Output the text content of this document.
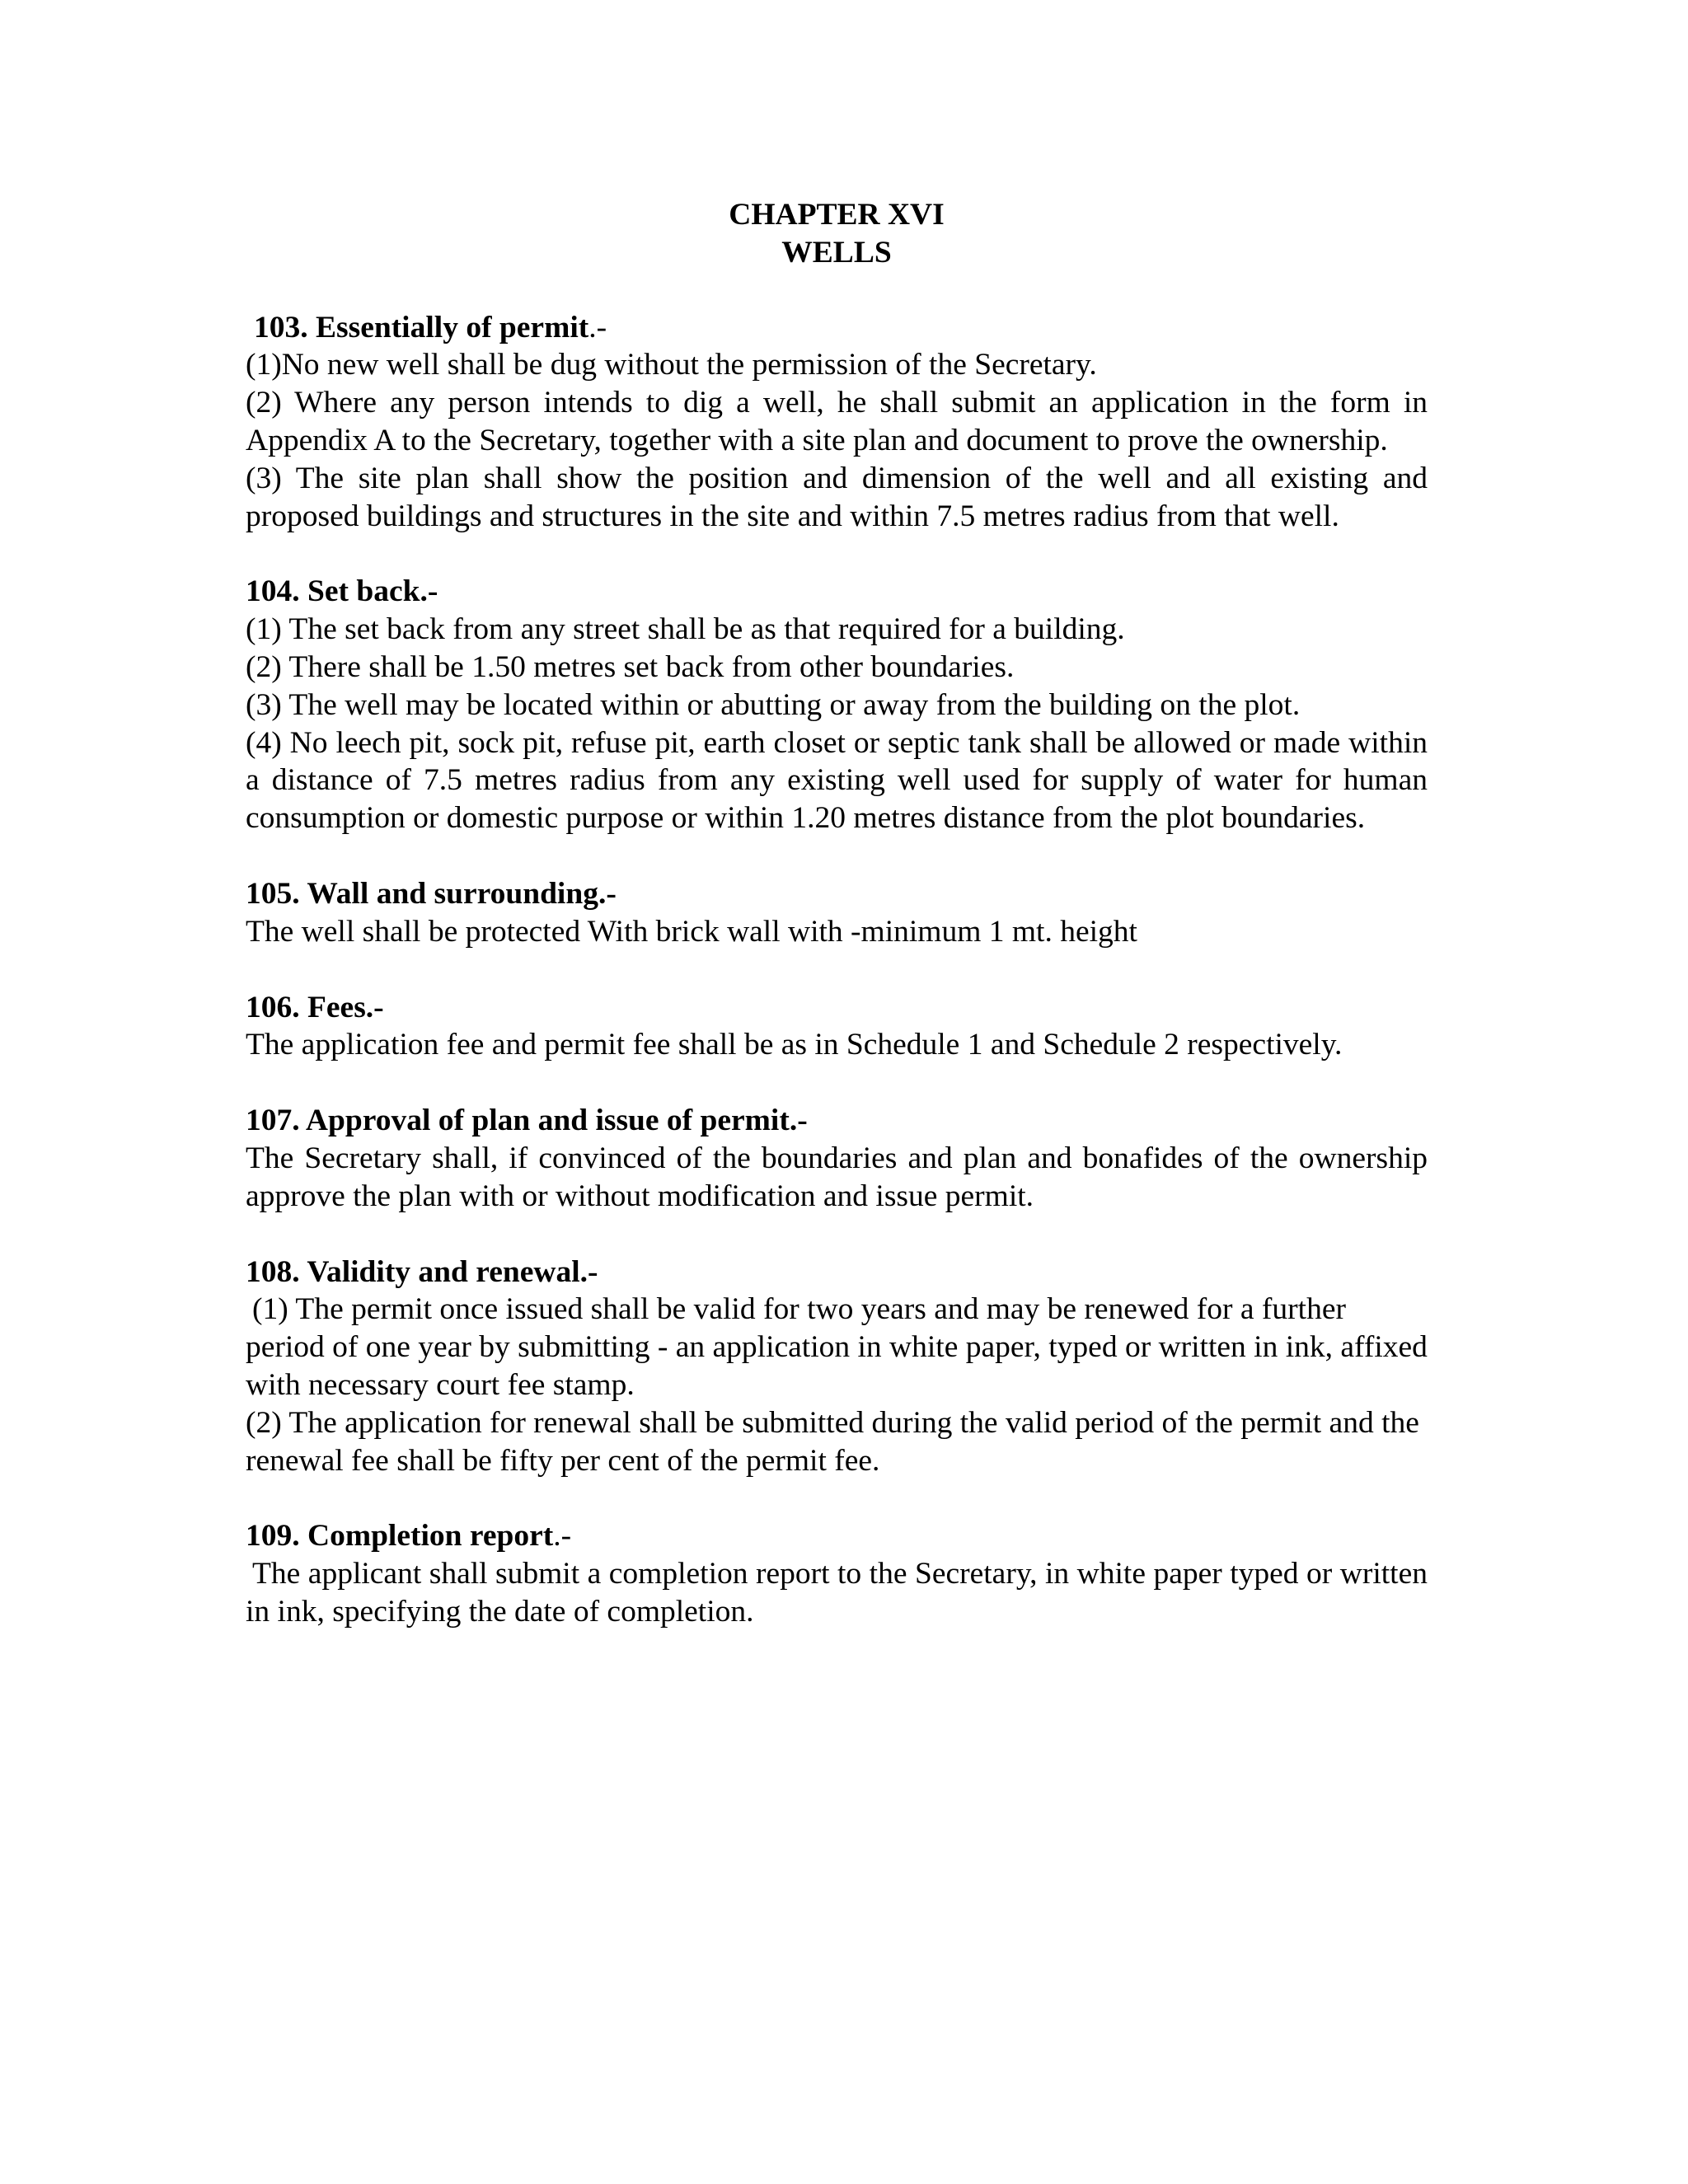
CHAPTER XVI
WELLS
103. Essentially of permit.-

(1)No new well shall be dug without the permission of the Secretary.

(2) Where any person intends to dig a well, he shall submit an application in the form in Appendix A to the Secretary, together with a site plan and document to prove the ownership.

(3) The site plan shall show the position and dimension of the well and all existing and proposed buildings and structures in the site and within 7.5 metres radius from that well.

104. Set back.-

(1) The set back from any street shall be as that required for a building.

(2) There shall be 1.50 metres set back from other boundaries.

(3) The well may be located within or abutting or away from the building on the plot.

(4) No leech pit, sock pit, refuse pit, earth closet or septic tank shall be allowed or made within a distance of 7.5 metres radius from any existing well used for supply of water for human consumption or domestic purpose or within 1.20 metres distance from the plot boundaries.

105. Wall and surrounding.-

The well shall be protected With brick wall with -minimum 1 mt. height

106. Fees.-

The application fee and permit fee shall be as in Schedule 1 and Schedule 2 respectively.

107. Approval of plan and issue of permit.-

The Secretary shall, if convinced of the boundaries and plan and bonafides of the ownership approve the plan with or without modification and issue permit.

108. Validity and renewal.-

(1) The permit once issued shall be valid for two years and may be renewed for a further period of one year by submitting - an application in white paper, typed or written in ink, affixed with necessary court fee stamp.

(2) The application for renewal shall be submitted during the valid period of the permit and the renewal fee shall be fifty per cent of the permit fee.

109. Completion report.-

The applicant shall submit a completion report to the Secretary, in white paper typed or written in ink, specifying the date of completion.
